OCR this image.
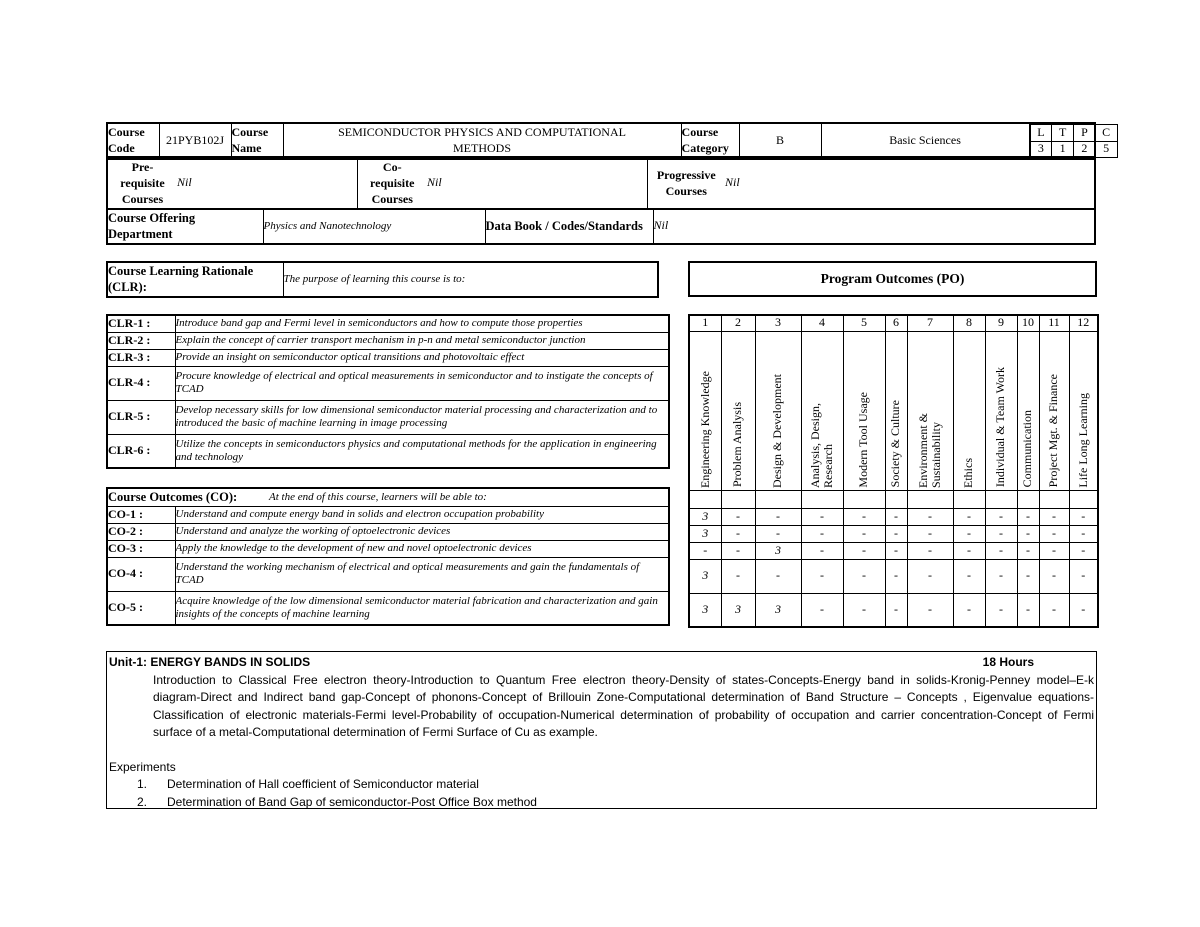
Course Code	21PYB102J	Course Name	SEMICONDUCTOR PHYSICS AND COMPUTATIONAL METHODS	Course Category	B	Basic Sciences	
L	T	P	C
3	1	2	5
Pre-requisite Courses	Nil	Co-requisite Courses	Nil	Progressive Courses	Nil
Course Offering Department	Physics and Nanotechnology	Data Book / Codes/Standards	Nil
Course Learning Rationale (CLR):	The purpose of learning this course is to:	Program Outcomes (PO)
CLR-1 :	Introduce band gap and Fermi level in semiconductors and how to compute those properties
CLR-2 :	Explain the concept of carrier transport mechanism in p-n and metal semiconductor junction
CLR-3 :	Provide an insight on semiconductor optical transitions and photovoltaic effect
CLR-4 :	Procure knowledge of electrical and optical measurements in semiconductor and to instigate the concepts of TCAD
CLR-5 :	Develop necessary skills for low dimensional semiconductor material processing and characterization and to introduced the basic of machine learning in image processing
CLR-6 :	Utilize the concepts in semiconductors physics and computational methods for the application in engineering and technology
Course Outcomes (CO):	At the end of this course, learners will be able to:
CO-1 :	Understand and compute energy band in solids and electron occupation probability
CO-2 :	Understand and analyze the working of optoelectronic devices
CO-3 :	Apply the knowledge to the development of new and novel optoelectronic devices
CO-4 :	Understand the working mechanism of electrical and optical measurements and gain the fundamentals of TCAD
CO-5 :	Acquire knowledge of the low dimensional semiconductor material fabrication and characterization and gain insights of the concepts of machine learning
1	2	3	4	5	6	7	8	9	10	11	12

Engineering Knowledge	Problem Analysis	Design & Development	Analysis, Design, Research	Modern Tool Usage	Society & Culture	Environment & Sustainability	Ethics	Individual & Team Work	Communication	Project Mgt. & Finance	Life Long Learning

3	-	-	-	-	-	-	-	-	-	-	-
3	-	-	-	-	-	-	-	-	-	-	-
-	-	3	-	-	-	-	-	-	-	-	-
3	-	-	-	-	-	-	-	-	-	-	-
3	3	3	-	-	-	-	-	-	-	-	-
Unit-1: ENERGY BANDS IN SOLIDS	18 Hours
Introduction to Classical Free electron theory-Introduction to Quantum Free electron theory-Density of states-Concepts-Energy band in solids-Kronig-Penney model–E-k diagram-Direct and Indirect band gap-Concept of phonons-Concept of Brillouin Zone-Computational determination of Band Structure – Concepts , Eigenvalue equations- Classification of electronic materials-Fermi level-Probability of occupation-Numerical determination of probability of occupation and carrier concentration-Concept of Fermi surface of a metal-Computational determination of Fermi Surface of Cu as example.
Experiments
1.	Determination of Hall coefficient of Semiconductor material
2.	Determination of Band Gap of semiconductor-Post Office Box method
